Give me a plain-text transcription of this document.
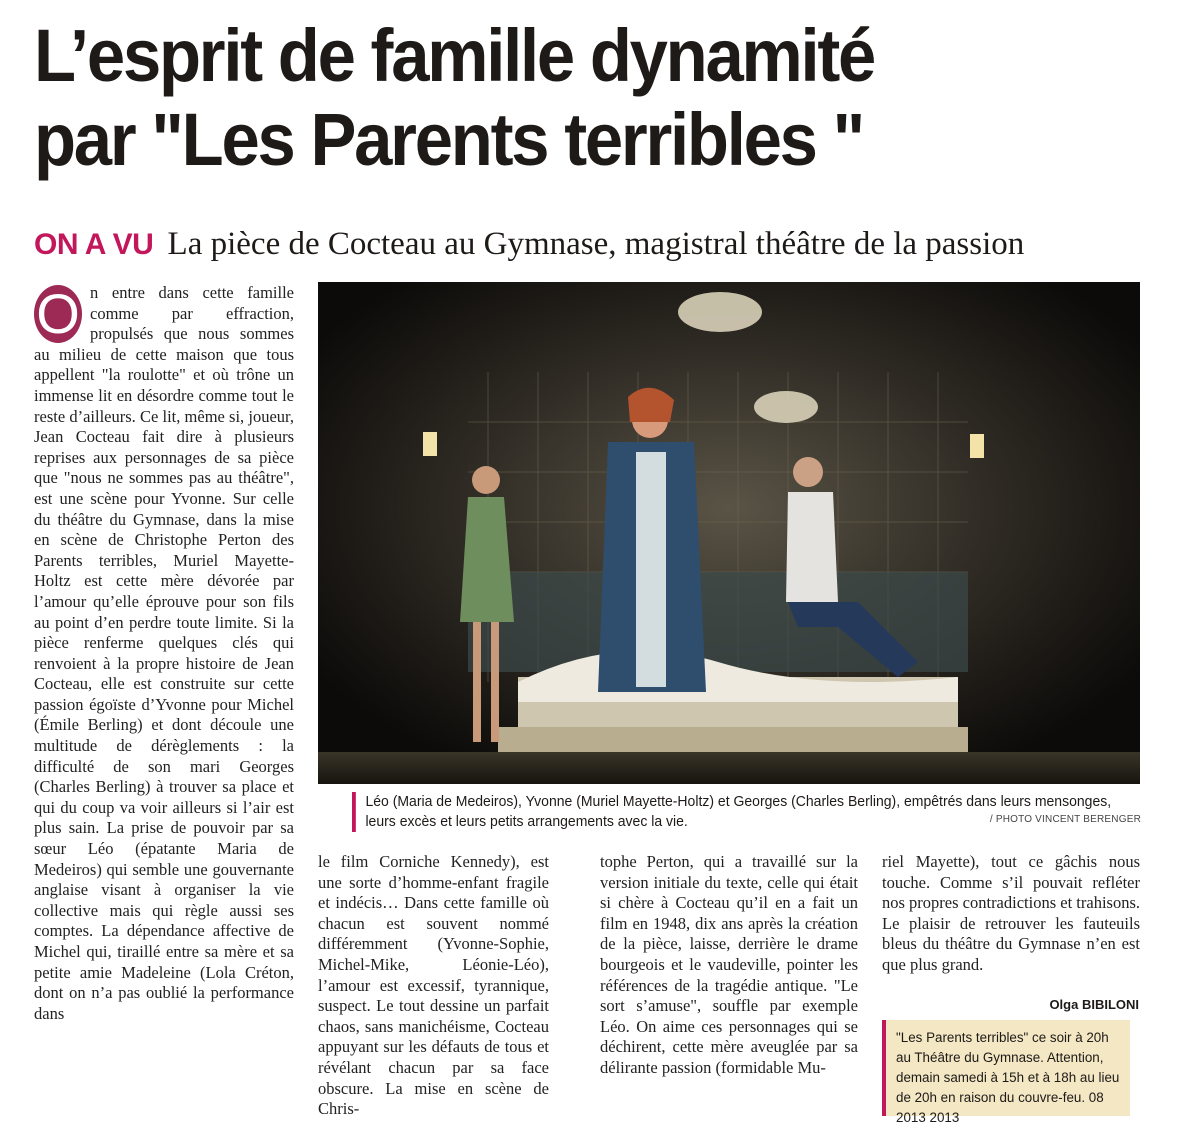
L’esprit de famille dynamité
par "Les Parents terribles "
ON A VU La pièce de Cocteau au Gymnase, magistral théâtre de la passion
O n entre dans cette famille comme par effraction, propulsés que nous sommes au milieu de cette maison que tous appellent "la roulotte" et où trône un immense lit en désordre comme tout le reste d’ailleurs. Ce lit, même si, joueur, Jean Cocteau fait dire à plusieurs reprises aux personnages de sa pièce que "nous ne sommes pas au théâtre", est une scène pour Yvonne. Sur celle du théâtre du Gymnase, dans la mise en scène de Christophe Perton des Parents terribles, Muriel Mayette-Holtz est cette mère dévorée par l’amour qu’elle éprouve pour son fils au point d’en perdre toute limite. Si la pièce renferme quelques clés qui renvoient à la propre histoire de Jean Cocteau, elle est construite sur cette passion égoïste d’Yvonne pour Michel (Émile Berling) et dont découle une multitude de dérèglements : la difficulté de son mari Georges (Charles Berling) à trouver sa place et qui du coup va voir ailleurs si l’air est plus sain. La prise de pouvoir par sa sœur Léo (épatante Maria de Medeiros) qui semble une gouvernante anglaise visant à organiser la vie collective mais qui règle aussi ses comptes. La dépendance affective de Michel qui, tiraillé entre sa mère et sa petite amie Madeleine (Lola Créton, dont on n’a pas oublié la performance dans
Léo (Maria de Medeiros), Yvonne (Muriel Mayette-Holtz) et Georges (Charles Berling), empêtrés dans leurs mensonges, leurs excès et leurs petits arrangements avec la vie.	/ PHOTO VINCENT BERENGER
le film Corniche Kennedy), est une sorte d’homme-enfant fragile et indécis… Dans cette famille où chacun est souvent nommé différemment (Yvonne-Sophie, Michel-Mike, Léonie-Léo), l’amour est excessif, tyrannique, suspect. Le tout dessine un parfait chaos, sans manichéisme, Cocteau appuyant sur les défauts de tous et révélant chacun par sa face obscure. La mise en scène de Chris-
tophe Perton, qui a travaillé sur la version initiale du texte, celle qui était si chère à Cocteau qu’il en a fait un film en 1948, dix ans après la création de la pièce, laisse, derrière le drame bourgeois et le vaudeville, pointer les références de la tragédie antique. "Le sort s’amuse", souffle par exemple Léo. On aime ces personnages qui se déchirent, cette mère aveuglée par sa délirante passion (formidable Mu-
riel Mayette), tout ce gâchis nous touche. Comme s’il pouvait refléter nos propres contradictions et trahisons. Le plaisir de retrouver les fauteuils bleus du théâtre du Gymnase n’en est que plus grand.
Olga BIBILONI
"Les Parents terribles" ce soir à 20h au Théâtre du Gymnase. Attention, demain samedi à 15h et à 18h au lieu de 20h en raison du couvre-feu. 08 2013 2013
